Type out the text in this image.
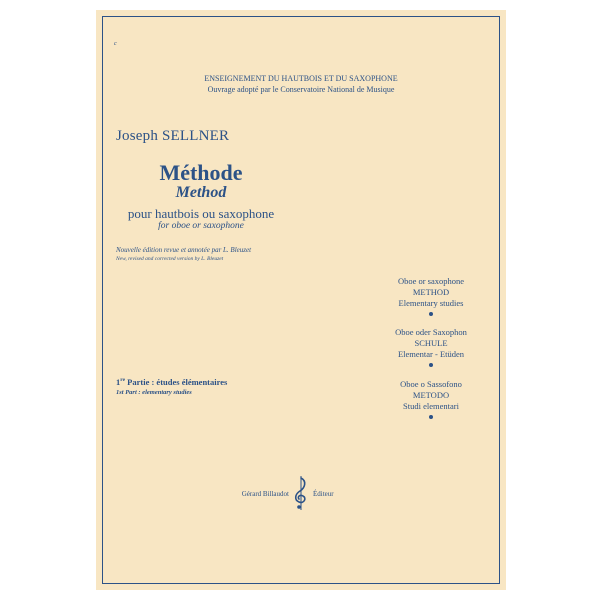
c
ENSEIGNEMENT DU HAUTBOIS ET DU SAXOPHONE
Ouvrage adopté par le Conservatoire National de Musique
Joseph SELLNER
Méthode
Method
pour hautbois ou saxophone
for oboe or saxophone
Nouvelle édition revue et annotée par L. Bleuzet
New, revised and corrected version by L. Bleuzet
1re Partie : études élémentaires
1st Part : elementary studies
Oboe or saxophone
METHOD
Elementary studies
Oboe oder Saxophon
SCHULE
Elementar - Etüden
Oboe o Sassofono
METODO
Studi elementari
Gérard Billaudot	Éditeur
